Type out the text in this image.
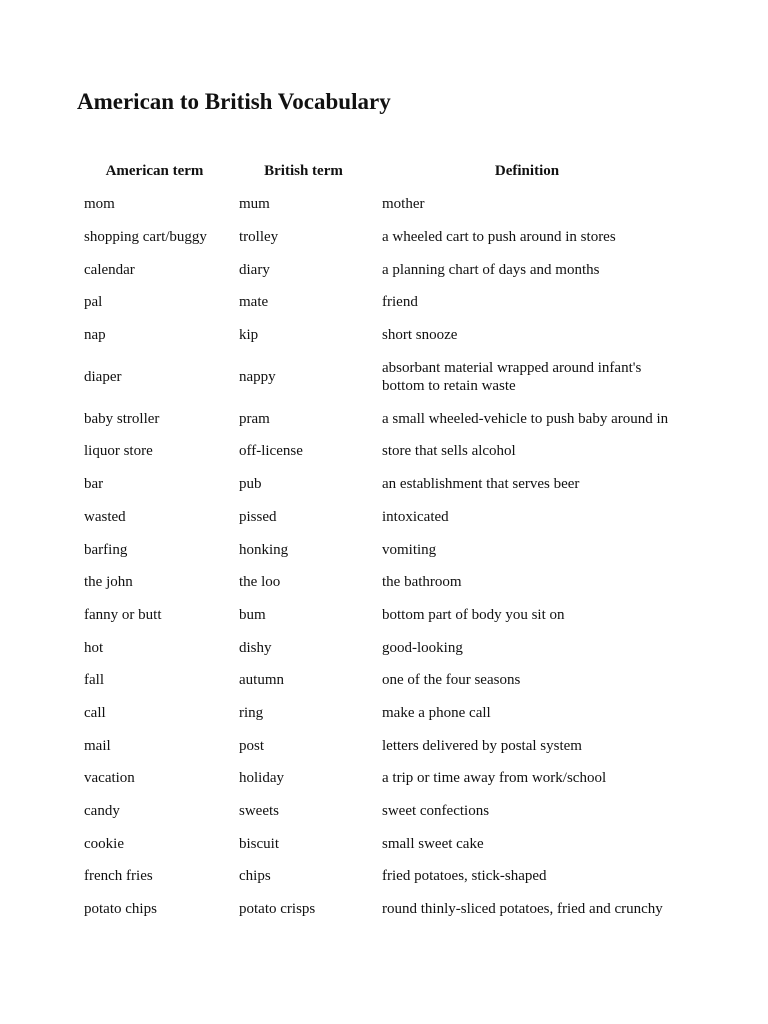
American to British Vocabulary
American term	British term	Definition
mom	mum	mother
shopping cart/buggy	trolley	a wheeled cart to push around in stores
calendar	diary	a planning chart of days and months
pal	mate	friend
nap	kip	short snooze
diaper	nappy	absorbant material wrapped around infant's bottom to retain waste
baby stroller	pram	a small wheeled-vehicle to push baby around in
liquor store	off-license	store that sells alcohol
bar	pub	an establishment that serves beer
wasted	pissed	intoxicated
barfing	honking	vomiting
the john	the loo	the bathroom
fanny or butt	bum	bottom part of body you sit on
hot	dishy	good-looking
fall	autumn	one of the four seasons
call	ring	make a phone call
mail	post	letters delivered by postal system
vacation	holiday	a trip or time away from work/school
candy	sweets	sweet confections
cookie	biscuit	small sweet cake
french fries	chips	fried potatoes, stick-shaped
potato chips	potato crisps	round thinly-sliced potatoes, fried and crunchy
